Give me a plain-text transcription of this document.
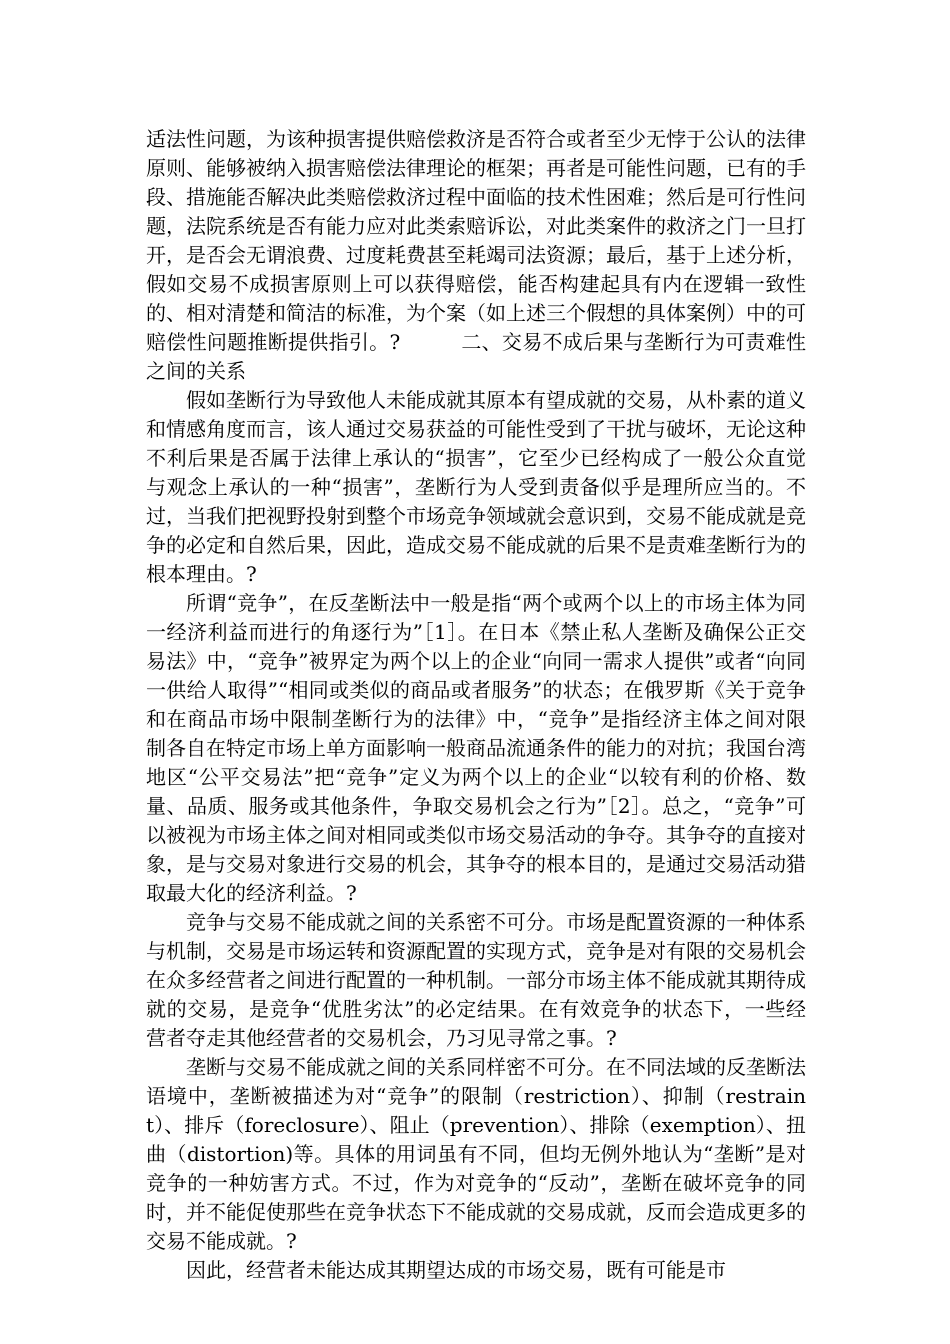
适法性问题，为该种损害提供赔偿救济是否符合或者至少无悖于公认的法律原则、能够被纳入损害赔偿法律理论的框架；再者是可能性问题，已有的手段、措施能否解决此类赔偿救济过程中面临的技术性困难；然后是可行性问题，法院系统是否有能力应对此类索赔诉讼，对此类案件的救济之门一旦打开，是否会无谓浪费、过度耗费甚至耗竭司法资源；最后，基于上述分析，假如交易不成损害原则上可以获得赔偿，能否构建起具有内在逻辑一致性的、相对清楚和简洁的标准，为个案（如上述三个假想的具体案例）中的可赔偿性问题推断提供指引。?　　　二、交易不成后果与垄断行为可责难性之间的关系

假如垄断行为导致他人未能成就其原本有望成就的交易，从朴素的道义和情感角度而言，该人通过交易获益的可能性受到了干扰与破坏，无论这种不利后果是否属于法律上承认的“损害”，它至少已经构成了一般公众直觉与观念上承认的一种“损害”，垄断行为人受到责备似乎是理所应当的。不过，当我们把视野投射到整个市场竞争领域就会意识到，交易不能成就是竞争的必定和自然后果，因此，造成交易不能成就的后果不是责难垄断行为的根本理由。?

所谓“竞争”，在反垄断法中一般是指“两个或两个以上的市场主体为同一经济利益而进行的角逐行为”［1］。在日本《禁止私人垄断及确保公正交易法》中，“竞争”被界定为两个以上的企业“向同一需求人提供”或者“向同一供给人取得”“相同或类似的商品或者服务”的状态；在俄罗斯《关于竞争和在商品市场中限制垄断行为的法律》中，“竞争”是指经济主体之间对限制各自在特定市场上单方面影响一般商品流通条件的能力的对抗；我国台湾地区“公平交易法”把“竞争”定义为两个以上的企业“以较有利的价格、数量、品质、服务或其他条件，争取交易机会之行为”［2］。总之，“竞争”可以被视为市场主体之间对相同或类似市场交易活动的争夺。其争夺的直接对象，是与交易对象进行交易的机会，其争夺的根本目的，是通过交易活动猎取最大化的经济利益。?

竞争与交易不能成就之间的关系密不可分。市场是配置资源的一种体系与机制，交易是市场运转和资源配置的实现方式，竞争是对有限的交易机会在众多经营者之间进行配置的一种机制。一部分市场主体不能成就其期待成就的交易，是竞争“优胜劣汰”的必定结果。在有效竞争的状态下，一些经营者夺走其他经营者的交易机会，乃习见寻常之事。?

垄断与交易不能成就之间的关系同样密不可分。在不同法域的反垄断法语境中，垄断被描述为对“竞争”的限制（restriction）、抑制（restraint）、排斥（foreclosure）、阻止（prevention）、排除（exemption）、扭曲（distortion)等。具体的用词虽有不同，但均无例外地认为“垄断”是对竞争的一种妨害方式。不过，作为对竞争的“反动”，垄断在破坏竞争的同时，并不能促使那些在竞争状态下不能成就的交易成就，反而会造成更多的交易不能成就。?

因此，经营者未能达成其期望达成的市场交易，既有可能是市
